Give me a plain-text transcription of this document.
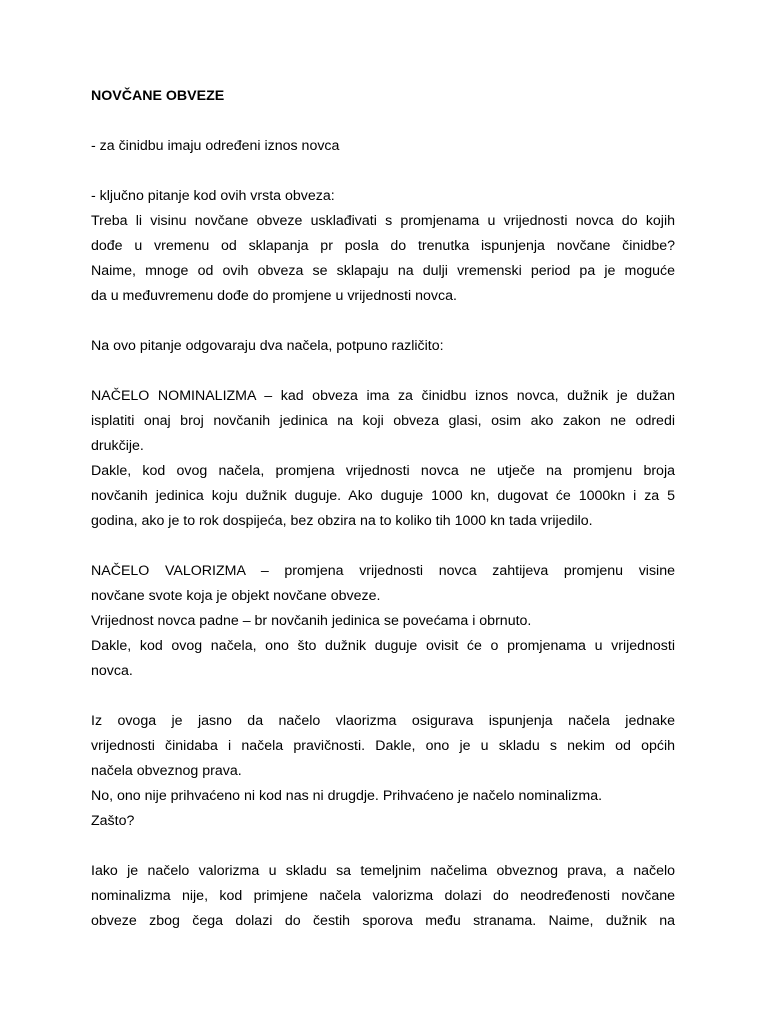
NOVČANE OBVEZE

- za činidbu imaju određeni iznos novca

- ključno pitanje kod ovih vrsta obveza:

Treba li visinu novčane obveze usklađivati s promjenama u vrijednosti novca do kojih

dođe u vremenu od sklapanja pr posla do trenutka ispunjenja novčane činidbe?

Naime, mnoge od ovih obveza se sklapaju na dulji vremenski period pa je moguće

da u međuvremenu dođe do promjene u vrijednosti novca.

Na ovo pitanje odgovaraju dva načela, potpuno različito:

NAČELO NOMINALIZMA – kad obveza ima za činidbu iznos novca, dužnik je dužan

isplatiti onaj broj novčanih jedinica na koji obveza glasi, osim ako zakon ne odredi

drukčije.

Dakle, kod ovog načela, promjena vrijednosti novca ne utječe na promjenu broja

novčanih jedinica koju dužnik duguje. Ako duguje 1000 kn, dugovat će 1000kn i za 5

godina, ako je to rok dospijeća, bez obzira na to koliko tih 1000 kn tada vrijedilo.

NAČELO VALORIZMA – promjena vrijednosti novca zahtijeva promjenu visine

novčane svote koja je objekt novčane obveze.

Vrijednost novca padne – br novčanih jedinica se povećama i obrnuto.

Dakle, kod ovog načela, ono što dužnik duguje ovisit će o promjenama u vrijednosti

novca.

Iz ovoga je jasno da načelo vlaorizma osigurava ispunjenja načela jednake

vrijednosti činidaba i načela pravičnosti. Dakle, ono je u skladu s nekim od općih

načela obveznog prava.

No, ono nije prihvaćeno ni kod nas ni drugdje. Prihvaćeno je načelo nominalizma.

Zašto?

Iako je načelo valorizma u skladu sa temeljnim načelima obveznog prava, a načelo

nominalizma nije, kod primjene načela valorizma dolazi do neodređenosti novčane

obveze zbog čega dolazi do čestih sporova među stranama. Naime, dužnik na
